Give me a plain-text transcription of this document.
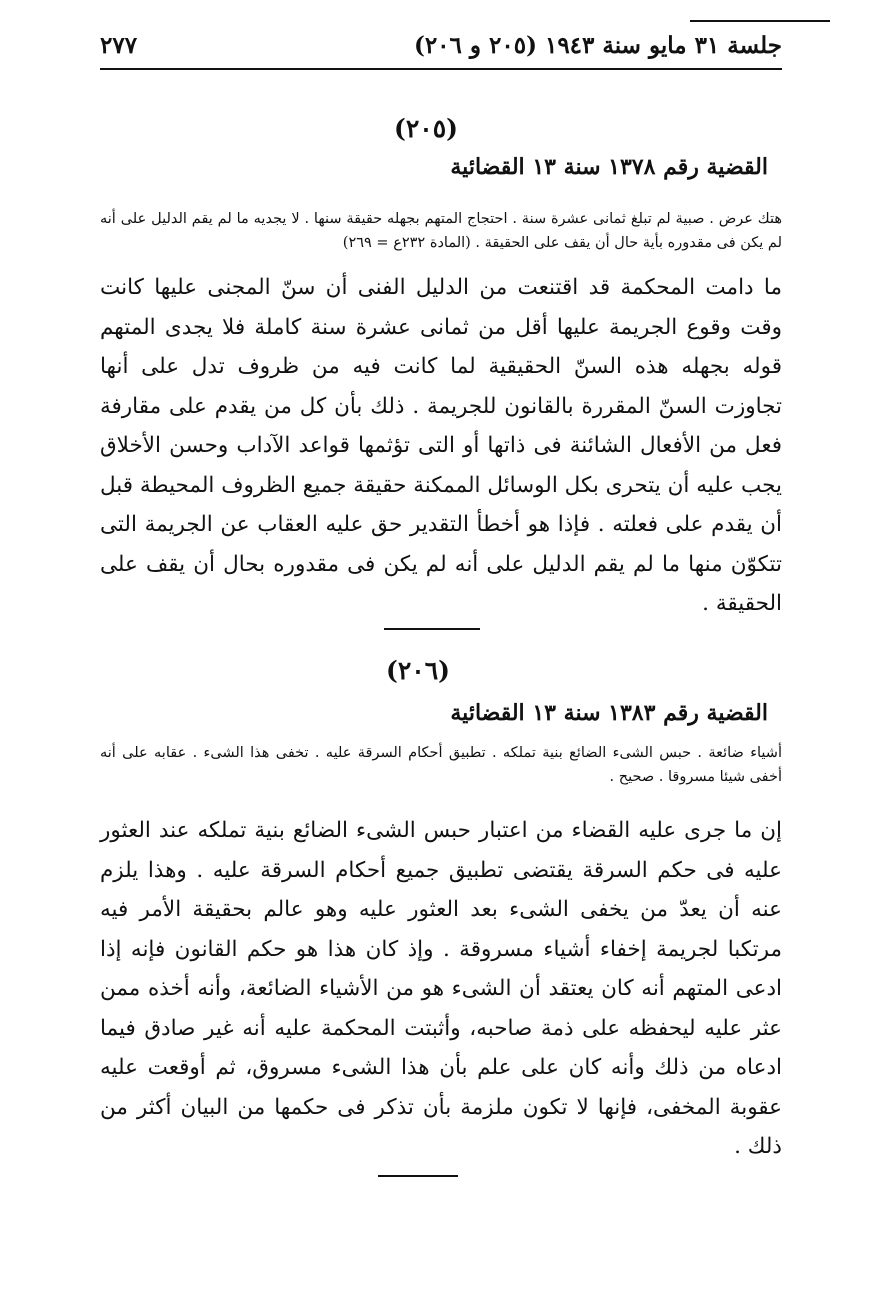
جلسة ٣١ مايو سنة ١٩٤٣ (٢٠٥ و ٢٠٦)
٢٧٧
(٢٠٥)
القضية رقم ١٣٧٨ سنة ١٣ القضائية
هتك عرض . صبية لم تبلغ ثمانى عشرة سنة . احتجاج المتهم بجهله حقيقة سنها . لا يجديه ما لم يقم الدليل على أنه لم يكن فى مقدوره بأية حال أن يقف على الحقيقة . (المادة ٢٣٢ع = ٢٦٩)
ما دامت المحكمة قد اقتنعت من الدليل الفنى أن سنّ المجنى عليها كانت وقت وقوع الجريمة عليها أقل من ثمانى عشرة سنة كاملة فلا يجدى المتهم قوله بجهله هذه السنّ الحقيقية لما كانت فيه من ظروف تدل على أنها تجاوزت السنّ المقررة بالقانون للجريمة . ذلك بأن كل من يقدم على مقارفة فعل من الأفعال الشائنة فى ذاتها أو التى تؤثمها قواعد الآداب وحسن الأخلاق يجب عليه أن يتحرى بكل الوسائل الممكنة حقيقة جميع الظروف المحيطة قبل أن يقدم على فعلته . فإذا هو أخطأ التقدير حق عليه العقاب عن الجريمة التى تتكوّن منها ما لم يقم الدليل على أنه لم يكن فى مقدوره بحال أن يقف على الحقيقة .
(٢٠٦)
القضية رقم ١٣٨٣ سنة ١٣ القضائية
أشياء ضائعة . حبس الشىء الضائع بنية تملكه . تطبيق أحكام السرقة عليه . تخفى هذا الشىء . عقابه على أنه أخفى شيئا مسروقا . صحيح .
إن ما جرى عليه القضاء من اعتبار حبس الشىء الضائع بنية تملكه عند العثور عليه فى حكم السرقة يقتضى تطبيق جميع أحكام السرقة عليه . وهذا يلزم عنه أن يعدّ من يخفى الشىء بعد العثور عليه وهو عالم بحقيقة الأمر فيه مرتكبا لجريمة إخفاء أشياء مسروقة . وإذ كان هذا هو حكم القانون فإنه إذا ادعى المتهم أنه كان يعتقد أن الشىء هو من الأشياء الضائعة، وأنه أخذه ممن عثر عليه ليحفظه على ذمة صاحبه، وأثبتت المحكمة عليه أنه غير صادق فيما ادعاه من ذلك وأنه كان على علم بأن هذا الشىء مسروق، ثم أوقعت عليه عقوبة المخفى، فإنها لا تكون ملزمة بأن تذكر فى حكمها من البيان أكثر من ذلك .
